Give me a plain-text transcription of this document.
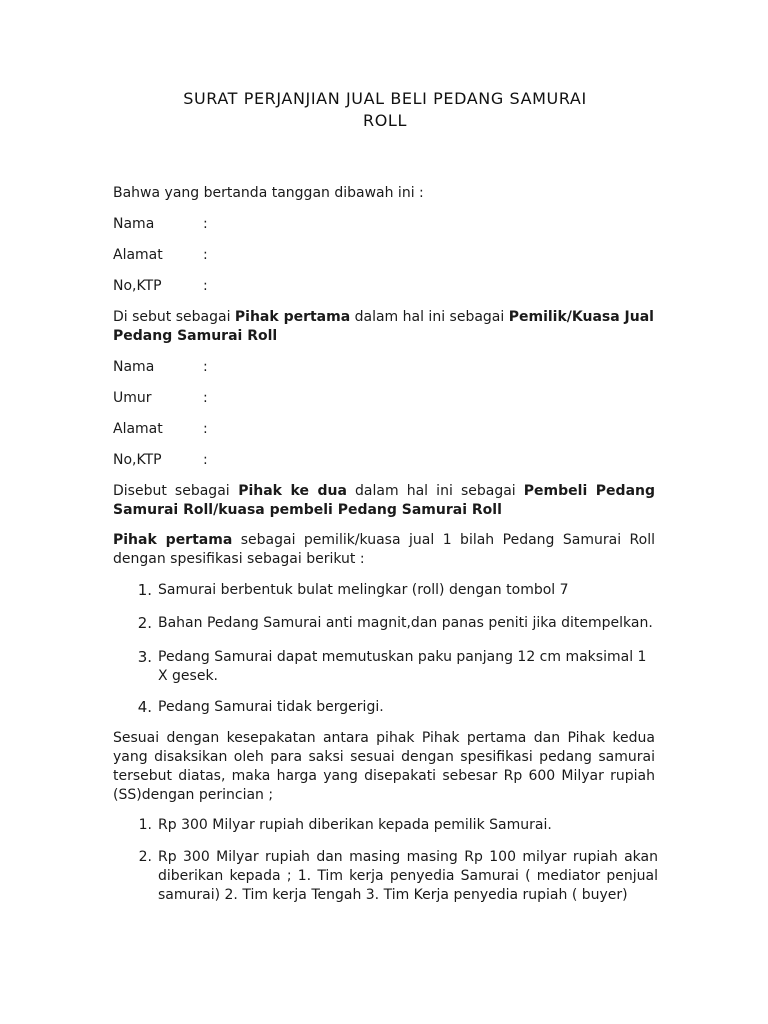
SURAT PERJANJIAN JUAL BELI PEDANG SAMURAI
ROLL
Bahwa yang bertanda tanggan dibawah ini :
Nama	:
Alamat	:
No,KTP	:
Di sebut sebagai Pihak pertama dalam hal ini sebagai Pemilik/Kuasa Jual Pedang Samurai Roll
Nama	:
Umur	:
Alamat	:
No,KTP	:
Disebut sebagai Pihak ke dua dalam hal ini sebagai Pembeli Pedang Samurai Roll/kuasa pembeli Pedang Samurai Roll
Pihak pertama sebagai pemilik/kuasa jual 1 bilah Pedang Samurai Roll dengan spesifikasi sebagai berikut :
1. Samurai berbentuk bulat melingkar (roll) dengan tombol 7
2. Bahan Pedang Samurai anti magnit,dan panas peniti jika ditempelkan.
3. Pedang Samurai dapat memutuskan paku panjang 12 cm maksimal 1 X gesek.
4. Pedang Samurai tidak bergerigi.
Sesuai dengan kesepakatan antara pihak Pihak pertama dan Pihak kedua yang disaksikan oleh para saksi sesuai dengan spesifikasi pedang samurai tersebut diatas, maka harga yang disepakati sebesar Rp 600 Milyar rupiah (SS)dengan perincian ;
1. Rp 300 Milyar rupiah diberikan kepada pemilik Samurai.
2. Rp 300 Milyar rupiah dan masing masing Rp 100 milyar rupiah akan diberikan kepada ; 1. Tim kerja penyedia Samurai ( mediator penjual samurai) 2. Tim kerja Tengah 3. Tim Kerja penyedia rupiah ( buyer)
